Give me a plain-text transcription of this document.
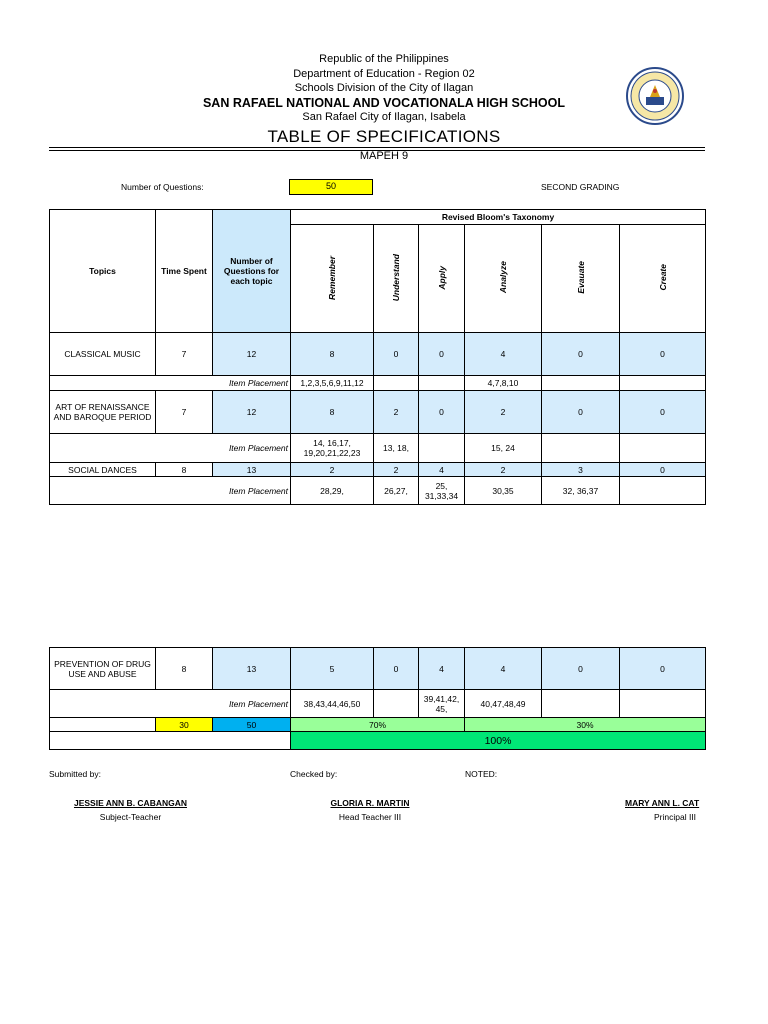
Republic of the Philippines
Department of Education - Region 02
Schools Division of the City of Ilagan
SAN RAFAEL NATIONAL AND VOCATIONALA HIGH SCHOOL
San Rafael City of Ilagan, Isabela
TABLE OF SPECIFICATIONS
MAPEH 9
Number of Questions:	50	SECOND GRADING
Topics	Time Spent	Number of Questions for each topic	Revised Bloom's Taxonomy					
			Remember	Understand	Apply	Analyze	Evauate	Create
CLASSICAL MUSIC	7	12	8	0	0	4	0	0
Item Placement			1,2,3,5,6,9,11,12			4,7,8,10		
ART OF RENAISSANCE AND BAROQUE PERIOD	7	12	8	2	0	2	0	0
Item Placement			14, 16,17, 19,20,21,22,23	13, 18,		15, 24		
SOCIAL DANCES	8	13	2	2	4	2	3	0
Item Placement			28,29,	26,27,	25, 31,33,34	30,35	32, 36,37	
PREVENTION OF DRUG USE AND ABUSE	8	13	5	0	4	4	0	0
Item Placement			38,43,44,46,50		39,41,42, 45,	40,47,48,49		
	30	50	70%			30%		
			100%					
Submitted by:	Checked by:	NOTED:
JESSIE ANN B. CABANGAN
Subject-Teacher
GLORIA R. MARTIN
Head Teacher III
MARY ANN L. CAT
Principal III
